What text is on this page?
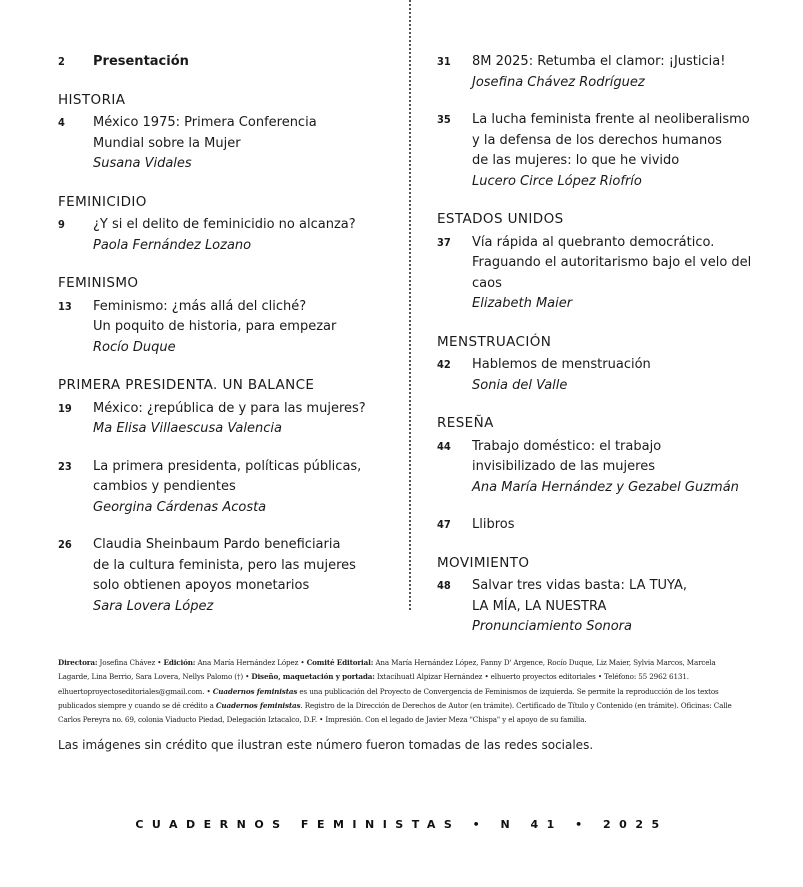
2	Presentación
HISTORIA
4	México 1975: Primera Conferencia
Mundial sobre la Mujer
Susana Vidales
FEMINICIDIO
9	¿Y si el delito de feminicidio no alcanza?
Paola Fernández Lozano
FEMINISMO
13	Feminismo: ¿más allá del cliché?
Un poquito de historia, para empezar
Rocío Duque
PRIMERA PRESIDENTA. UN BALANCE
19	México: ¿república de y para las mujeres?
Ma Elisa Villaescusa Valencia
23	La primera presidenta, políticas públicas,
cambios y pendientes
Georgina Cárdenas Acosta
26	Claudia Sheinbaum Pardo beneficiaria
de la cultura feminista, pero las mujeres
solo obtienen apoyos monetarios
Sara Lovera López
31	8M 2025: Retumba el clamor: ¡Justicia!
Josefina Chávez Rodríguez
35	La lucha feminista frente al neoliberalismo
y la defensa de los derechos humanos
de las mujeres: lo que he vivido
Lucero Circe López Riofrío
ESTADOS UNIDOS
37	Vía rápida al quebranto democrático.
Fraguando el autoritarismo bajo el velo del caos
Elizabeth Maier
MENSTRUACIÓN
42	Hablemos de menstruación
Sonia del Valle
RESEÑA
44	Trabajo doméstico: el trabajo
invisibilizado de las mujeres
Ana María Hernández y Gezabel Guzmán
47	Llibros
MOVIMIENTO
48	Salvar tres vidas basta: LA TUYA,
LA MÍA, LA NUESTRA
Pronunciamiento Sonora
Directora: Josefina Chávez • Edición: Ana María Hernández López • Comité Editorial: Ana María Hernández López, Fanny D' Argence, Rocío Duque, Liz Maier, Sylvia Marcos, Marcela Lagarde, Lina Berrio, Sara Lovera, Nellys Palomo (†) • Diseño, maquetación y portada: Ixtacihuatl Alpizar Hernández • elhuerto proyectos editoriales • Teléfono: 55 2962 6131. elhuertoproyectoseditoriales@gmail.com. • Cuadernos feministas es una publicación del Proyecto de Convergencia de Feminismos de izquierda. Se permite la reproducción de los textos publicados siempre y cuando se dé crédito a Cuadernos feministas. Registro de la Dirección de Derechos de Autor (en trámite). Certificado de Título y Contenido (en trámite). Oficinas: Calle Carlos Pereyra no. 69, colonia Viaducto Piedad, Delegación Iztacalco, D.F. • Impresión. Con el legado de Javier Meza "Chispa" y el apoyo de su familia.
Las imágenes sin crédito que ilustran este número fueron tomadas de las redes sociales.
CUADERNOS FEMINISTAS • N 41 • 2025
